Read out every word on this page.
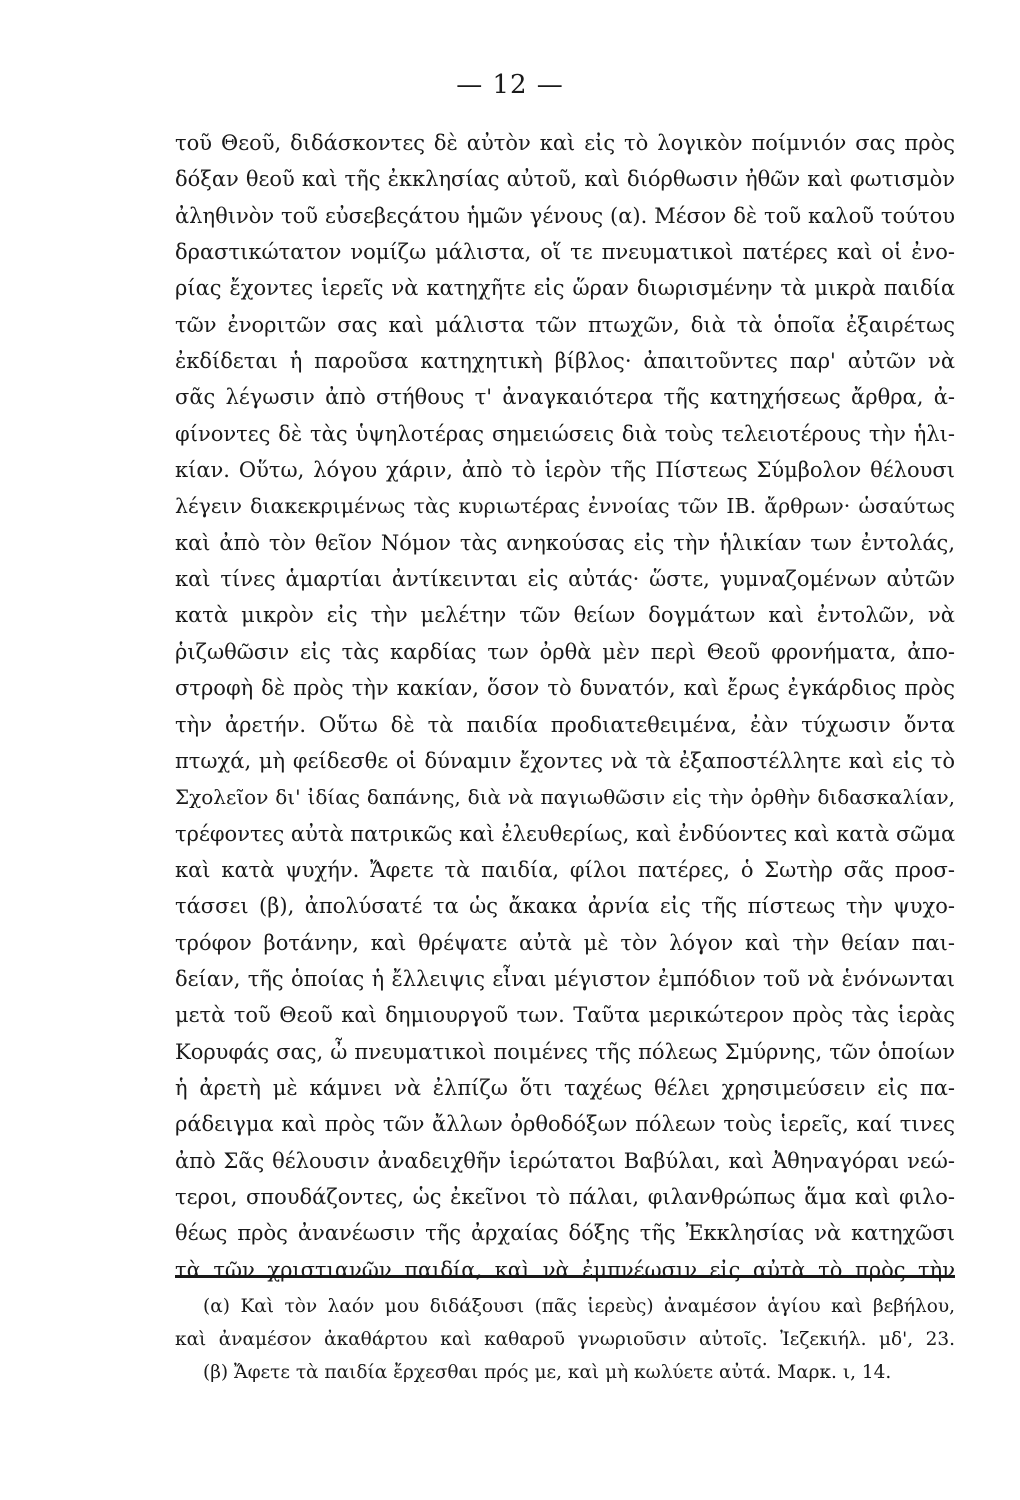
— 12 —
τοῦ Θεοῦ, διδάσκοντες δὲ αὐτὸν καὶ εἰς τὸ λογικὸν ποίμνιόν σας πρὸς
δόξαν θεοῦ καὶ τῆς ἐκκλησίας αὐτοῦ, καὶ διόρθωσιν ἠθῶν καὶ φωτισμὸν
ἀληθινὸν τοῦ εὐσεβεςάτου ἡμῶν γένους (α). Μέσον δὲ τοῦ καλοῦ τούτου
δραστικώτατον νομίζω μάλιστα, οἵ τε πνευματικοὶ πατέρες καὶ οἱ ἐνο-
ρίας ἔχοντες ἱερεῖς νὰ κατηχῆτε εἰς ὥραν διωρισμένην τὰ μικρὰ παιδία
τῶν ἐνοριτῶν σας καὶ μάλιστα τῶν πτωχῶν, διὰ τὰ ὁποῖα ἐξαιρέτως
ἐκδίδεται ἡ παροῦσα κατηχητικὴ βίβλος· ἀπαιτοῦντες παρ' αὐτῶν νὰ
σᾶς λέγωσιν ἀπὸ στήθους τ' ἀναγκαιότερα τῆς κατηχήσεως ἄρθρα, ἀ-
φίνοντες δὲ τὰς ὑψηλοτέρας σημειώσεις διὰ τοὺς τελειοτέρους τὴν ἡλι-
κίαν. Οὕτω, λόγου χάριν, ἀπὸ τὸ ἱερὸν τῆς Πίστεως Σύμβολον θέλουσι
λέγειν διακεκριμένως τὰς κυριωτέρας ἐννοίας τῶν ΙΒ. ἄρθρων· ὡσαύτως
καὶ ἀπὸ τὸν θεῖον Νόμον τὰς ανηκούσας εἰς τὴν ἡλικίαν των ἐντολάς,
καὶ τίνες ἁμαρτίαι ἀντίκεινται εἰς αὐτάς· ὥστε, γυμναζομένων αὐτῶν
κατὰ μικρὸν εἰς τὴν μελέτην τῶν θείων δογμάτων καὶ ἐντολῶν, νὰ
ῥιζωθῶσιν εἰς τὰς καρδίας των ὀρθὰ μὲν περὶ Θεοῦ φρονήματα, ἀπο-
στροφὴ δὲ πρὸς τὴν κακίαν, ὅσον τὸ δυνατόν, καὶ ἔρως ἐγκάρδιος πρὸς
τὴν ἀρετήν. Οὕτω δὲ τὰ παιδία προδιατεθειμένα, ἐὰν τύχωσιν ὄντα
πτωχά, μὴ φείδεσθε οἱ δύναμιν ἔχοντες νὰ τὰ ἐξαποστέλλητε καὶ εἰς τὸ
Σχολεῖον δι' ἰδίας δαπάνης, διὰ νὰ παγιωθῶσιν εἰς τὴν ὀρθὴν διδασκαλίαν,
τρέφοντες αὐτὰ πατρικῶς καὶ ἐλευθερίως, καὶ ἐνδύοντες καὶ κατὰ σῶμα
καὶ κατὰ ψυχήν. Ἄφετε τὰ παιδία, φίλοι πατέρες, ὁ Σωτὴρ σᾶς προσ-
τάσσει (β), ἀπολύσατέ τα ὡς ἄκακα ἀρνία εἰς τῆς πίστεως τὴν ψυχο-
τρόφον βοτάνην, καὶ θρέψατε αὐτὰ μὲ τὸν λόγον καὶ τὴν θείαν παι-
δείαν, τῆς ὁποίας ἡ ἔλλειψις εἶναι μέγιστον ἐμπόδιον τοῦ νὰ ἑνόνωνται
μετὰ τοῦ Θεοῦ καὶ δημιουργοῦ των. Ταῦτα μερικώτερον πρὸς τὰς ἱερὰς
Κορυφάς σας, ὦ πνευματικοὶ ποιμένες τῆς πόλεως Σμύρνης, τῶν ὁποίων
ἡ ἀρετὴ μὲ κάμνει νὰ ἐλπίζω ὅτι ταχέως θέλει χρησιμεύσειν εἰς πα-
ράδειγμα καὶ πρὸς τῶν ἄλλων ὀρθοδόξων πόλεων τοὺς ἱερεῖς, καί τινες
ἀπὸ Σᾶς θέλουσιν ἀναδειχθῆν ἱερώτατοι Βαβύλαι, καὶ Ἀθηναγόραι νεώ-
τεροι, σπουδάζοντες, ὡς ἐκεῖνοι τὸ πάλαι, φιλανθρώπως ἅμα καὶ φιλο-
θέως πρὸς ἀνανέωσιν τῆς ἀρχαίας δόξης τῆς Ἐκκλησίας νὰ κατηχῶσι
τὰ τῶν χριστιανῶν παιδία, καὶ νὰ ἐμπνέωσιν εἰς αὐτὰ τὸ πρὸς τὴν
(α) Καὶ τὸν λαόν μου διδάξουσι (πᾶς ἱερεὺς) ἀναμέσον ἁγίου καὶ βεβήλου,
καὶ ἀναμέσον ἀκαθάρτου καὶ καθαροῦ γνωριοῦσιν αὐτοῖς. Ἰεζεκιήλ. μδ', 23.
(β) Ἄφετε τὰ παιδία ἔρχεσθαι πρός με, καὶ μὴ κωλύετε αὐτά. Μαρκ. ι, 14.
